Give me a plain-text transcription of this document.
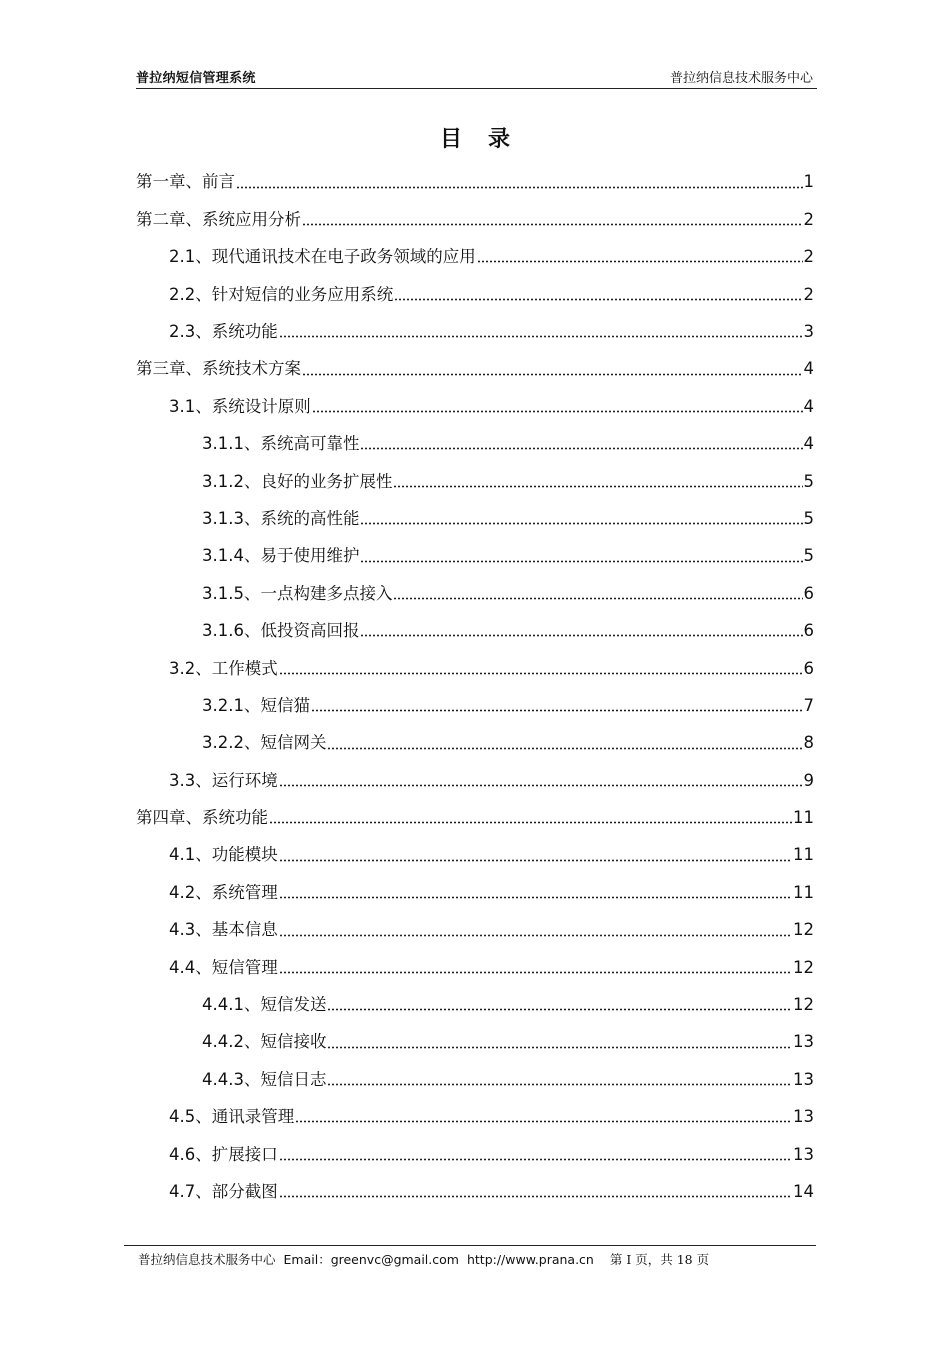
普拉纳短信管理系统	普拉纳信息技术服务中心
目录
第一章、前言	1
第二章、系统应用分析	2
2.1、现代通讯技术在电子政务领域的应用	2
2.2、针对短信的业务应用系统	2
2.3、系统功能	3
第三章、系统技术方案	4
3.1、系统设计原则	4
3.1.1、系统高可靠性	4
3.1.2、良好的业务扩展性	5
3.1.3、系统的高性能	5
3.1.4、易于使用维护	5
3.1.5、一点构建多点接入	6
3.1.6、低投资高回报	6
3.2、工作模式	6
3.2.1、短信猫	7
3.2.2、短信网关	8
3.3、运行环境	9
第四章、系统功能	11
4.1、功能模块	11
4.2、系统管理	11
4.3、基本信息	12
4.4、短信管理	12
4.4.1、短信发送	12
4.4.2、短信接收	13
4.4.3、短信日志	13
4.5、通讯录管理	13
4.6、扩展接口	13
4.7、部分截图	14
普拉纳信息技术服务中心 Email：greenvc@gmail.com http://www.prana.cn 第 I 页，共 18 页
